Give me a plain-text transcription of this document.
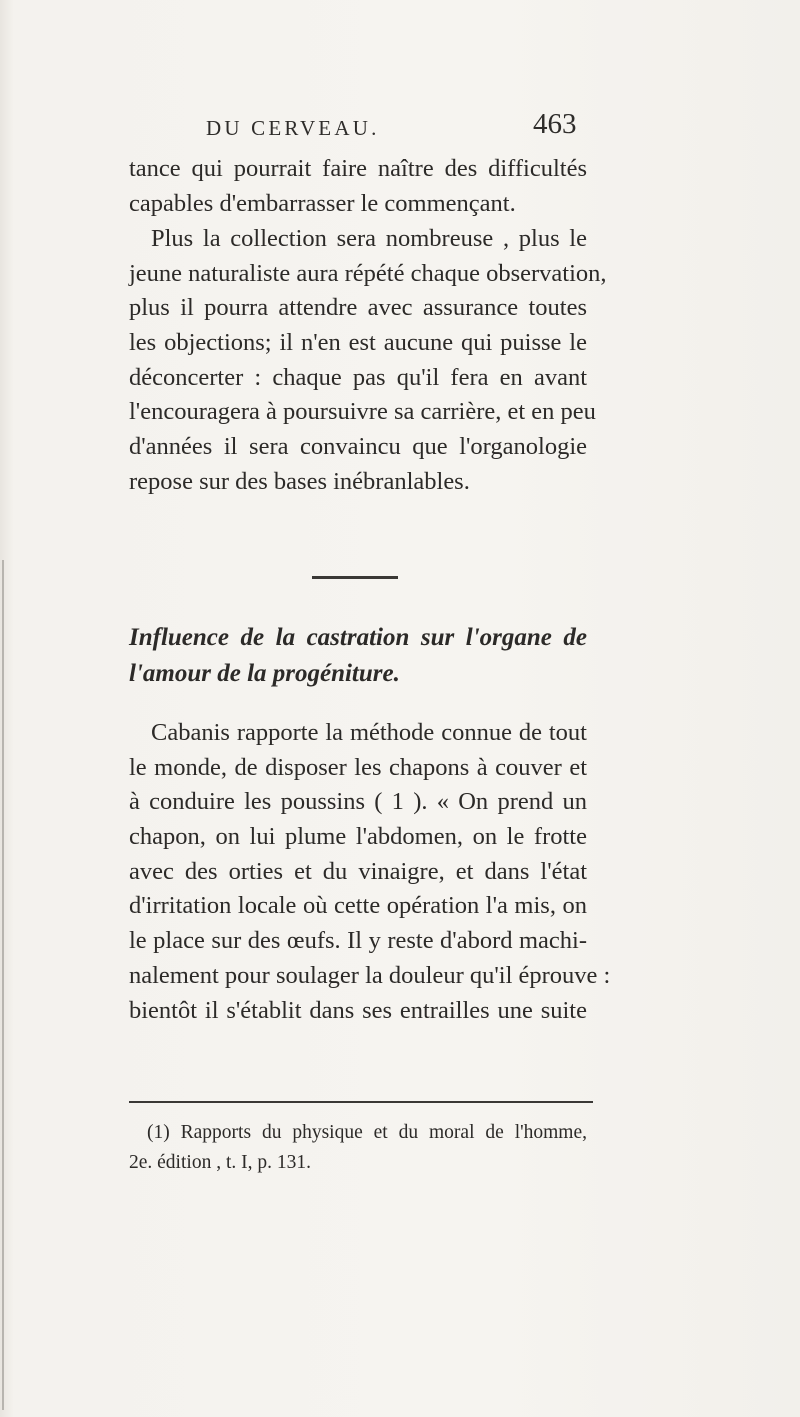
DU CERVEAU.	463
tance qui pourrait faire naître des difficultés
capables d'embarrasser le commençant.
Plus la collection sera nombreuse , plus le
jeune naturaliste aura répété chaque observation,
plus il pourra attendre avec assurance toutes
les objections; il n'en est aucune qui puisse le
déconcerter : chaque pas qu'il fera en avant
l'encouragera à poursuivre sa carrière, et en peu
d'années il sera convaincu que l'organologie
repose sur des bases inébranlables.
Influence de la castration sur l'organe de
l'amour de la progéniture.
Cabanis rapporte la méthode connue de tout
le monde, de disposer les chapons à couver et
à conduire les poussins ( 1 ). « On prend un
chapon, on lui plume l'abdomen, on le frotte
avec des orties et du vinaigre, et dans l'état
d'irritation locale où cette opération l'a mis, on
le place sur des œufs. Il y reste d'abord machi-
nalement pour soulager la douleur qu'il éprouve :
bientôt il s'établit dans ses entrailles une suite
(1) Rapports du physique et du moral de l'homme,
2e. édition , t. I, p. 131.
